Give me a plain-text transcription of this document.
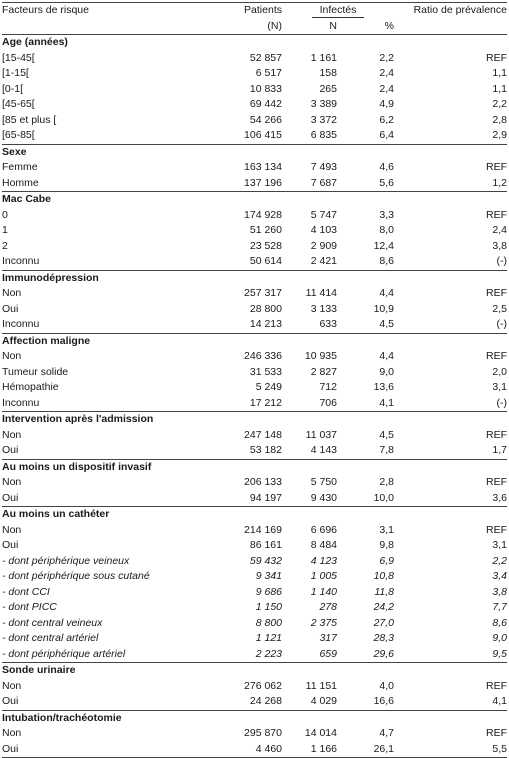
Facteurs de risque	Patients	Infectés		Ratio de prévalence
	(N)	N	%	
Age (années)				
[15-45[	52 857	1 161	2,2	REF
[1-15[	6 517	158	2,4	1,1
[0-1[	10 833	265	2,4	1,1
[45-65[	69 442	3 389	4,9	2,2
[85 et plus [	54 266	3 372	6,2	2,8
[65-85[	106 415	6 835	6,4	2,9
Sexe				
Femme	163 134	7 493	4,6	REF
Homme	137 196	7 687	5,6	1,2
Mac Cabe				
0	174 928	5 747	3,3	REF
1	51 260	4 103	8,0	2,4
2	23 528	2 909	12,4	3,8
Inconnu	50 614	2 421	8,6	(-)
Immunodépression				
Non	257 317	11 414	4,4	REF
Oui	28 800	3 133	10,9	2,5
Inconnu	14 213	633	4,5	(-)
Affection maligne				
Non	246 336	10 935	4,4	REF
Tumeur solide	31 533	2 827	9,0	2,0
Hémopathie	5 249	712	13,6	3,1
Inconnu	17 212	706	4,1	(-)
Intervention après l'admission				
Non	247 148	11 037	4,5	REF
Oui	53 182	4 143	7,8	1,7
Au moins un dispositif invasif				
Non	206 133	5 750	2,8	REF
Oui	94 197	9 430	10,0	3,6
Au moins un cathéter				
Non	214 169	6 696	3,1	REF
Oui	86 161	8 484	9,8	3,1
- dont périphérique veineux	59 432	4 123	6,9	2,2
- dont périphérique sous cutané	9 341	1 005	10,8	3,4
- dont CCI	9 686	1 140	11,8	3,8
- dont PICC	1 150	278	24,2	7,7
- dont central veineux	8 800	2 375	27,0	8,6
- dont central artériel	1 121	317	28,3	9,0
- dont périphérique artériel	2 223	659	29,6	9,5
Sonde urinaire				
Non	276 062	11 151	4,0	REF
Oui	24 268	4 029	16,6	4,1
Intubation/trachéotomie				
Non	295 870	14 014	4,7	REF
Oui	4 460	1 166	26,1	5,5
